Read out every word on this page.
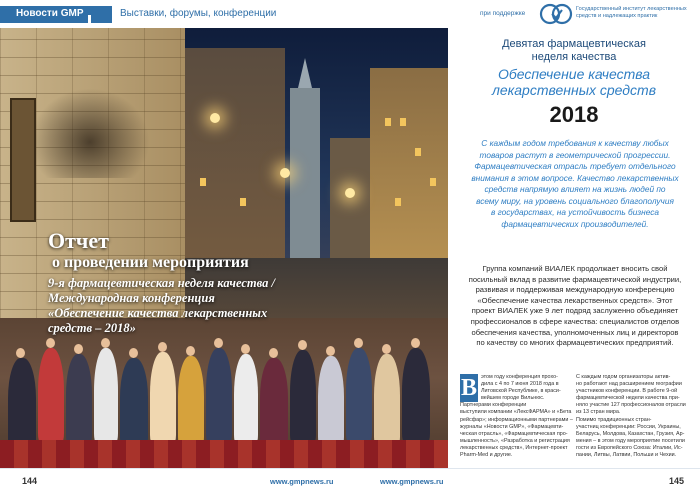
Новости GMP	Выставки, форумы, конференции	при поддержке
Государственный институт лекарственных средств и надлежащих практик
Отчет
о проведении мероприятия
9-я фармацевтическая неделя качества /
Международная конференция
«Обеспечение качества лекарственных
средств – 2018»
Девятая фармацевтическая
неделя качества
Обеспечение качества
лекарственных средств
2018
С каждым годом требования к качеству любых
товаров растут в геометрической прогрессии.
Фармацевтическая отрасль требует отдельного
внимания в этом вопросе. Качество лекарственных
средств напрямую влияет на жизнь людей по
всему миру, на уровень социального благополучия
в государствах, на устойчивость бизнеса
фармацевтических производителей.
Группа компаний ВИАЛЕК продолжает вносить свой
посильный вклад в развитие фармацевтической индустрии,
развивая и поддерживая международную конференцию
«Обеспечение качества лекарственных средств». Этот
проект ВИАЛЕК уже 9 лет подряд заслуженно объединяет
профессионалов в сфере качества: специалистов отделов
обеспечения качества, уполномоченных лиц и директоров
по качеству со многих фармацевтических предприятий.
В этом году конференция прохо-
дила с 4 по 7 июня 2018 года в
Литовской Республике, в краси-
вейшем городе Вильнюс.
Партнерами конференции
выступили компании «ЛексФАРМА» и «Бета
рейсфар»; информационными партнерами –
журналы «Новости GMP», «Фармацевти-
ческая отрасль», «Фармацевтическая про-
мышленность», «Разработка и регистрация
лекарственных средств», Интернет-проект
Pharm-Med и другие.
С каждым годом организаторы актив-
но работают над расширением географии
участников конференции. В работе 9-ой
фармацевтической недели качества при-
няло участие 127 профессионалов отрасли
из 13 стран мира.
Помимо традиционных стран-
участниц конференции: России, Украины,
Беларусь, Молдова, Казахстан, Грузия, Ар-
мения – в этом году мероприятие посетили
гости из Европейского Союза: Италии, Ис-
пании, Литвы, Латвии, Польши и Чехии.
144	www.gmpnews.ru	www.gmpnews.ru	145
